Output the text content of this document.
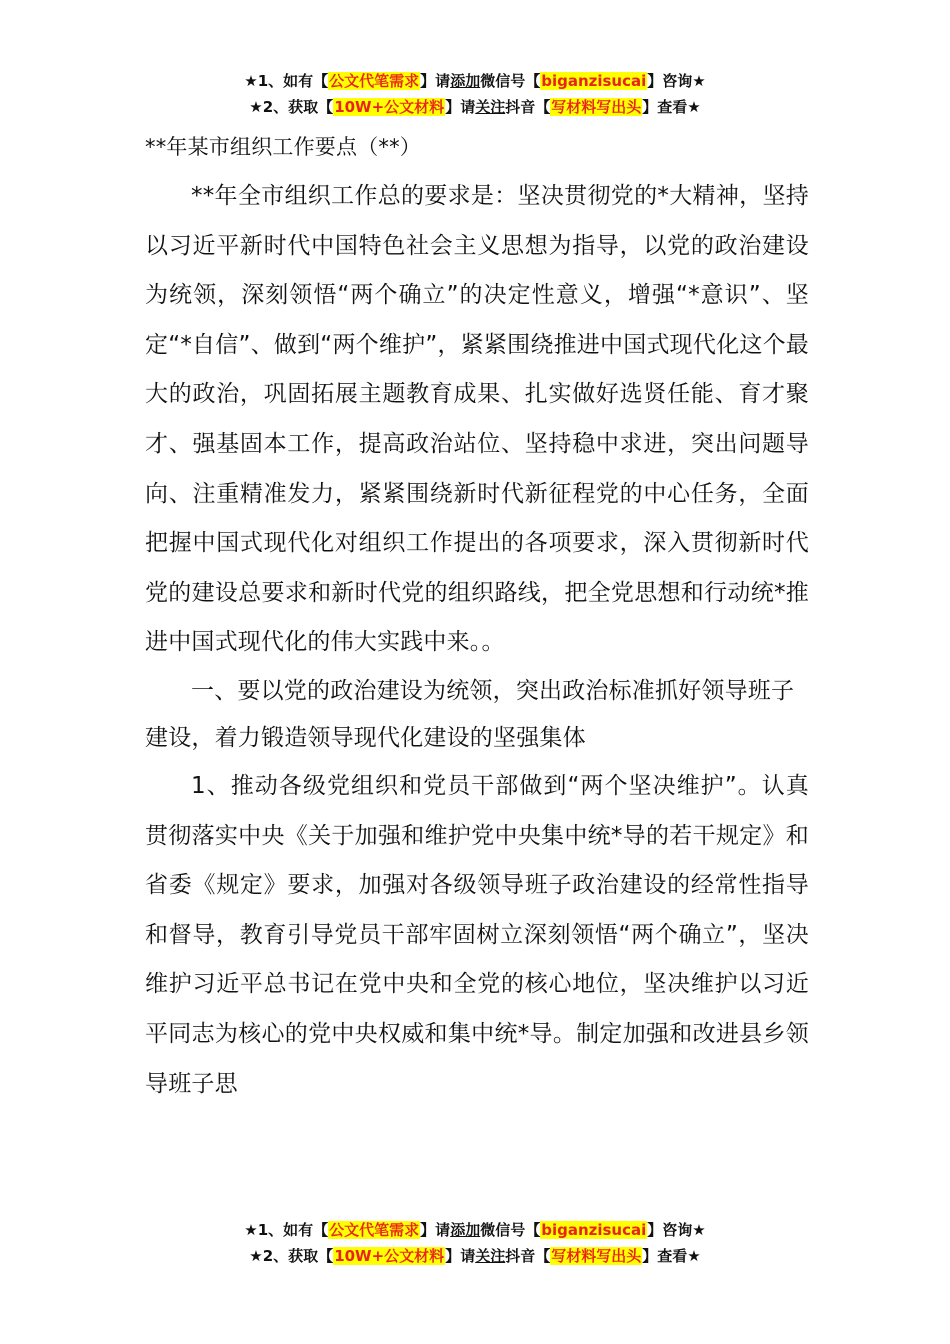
★1、如有【公文代笔需求】请添加微信号【biganzisucai】咨询★
★2、获取【10W+公文材料】请关注抖音【写材料写出头】查看★

**年某市组织工作要点（**）

**年全市组织工作总的要求是：坚决贯彻党的*大精神，坚持以习近平新时代中国特色社会主义思想为指导，以党的政治建设为统领，深刻领悟“两个确立”的决定性意义，增强“*意识”、坚定“*自信”、做到“两个维护”，紧紧围绕推进中国式现代化这个最大的政治，巩固拓展主题教育成果、扎实做好选贤任能、育才聚才、强基固本工作，提高政治站位、坚持稳中求进，突出问题导向、注重精准发力，紧紧围绕新时代新征程党的中心任务，全面把握中国式现代化对组织工作提出的各项要求，深入贯彻新时代党的建设总要求和新时代党的组织路线，把全党思想和行动统*推进中国式现代化的伟大实践中来。。

一、要以党的政治建设为统领，突出政治标准抓好领导班子建设，着力锻造领导现代化建设的坚强集体

1、推动各级党组织和党员干部做到“两个坚决维护”。认真贯彻落实中央《关于加强和维护党中央集中统*导的若干规定》和省委《规定》要求，加强对各级领导班子政治建设的经常性指导和督导，教育引导党员干部牢固树立深刻领悟“两个确立”，坚决维护习近平总书记在党中央和全党的核心地位，坚决维护以习近平同志为核心的党中央权威和集中统*导。制定加强和改进县乡领导班子思

★1、如有【公文代笔需求】请添加微信号【biganzisucai】咨询★
★2、获取【10W+公文材料】请关注抖音【写材料写出头】查看★
